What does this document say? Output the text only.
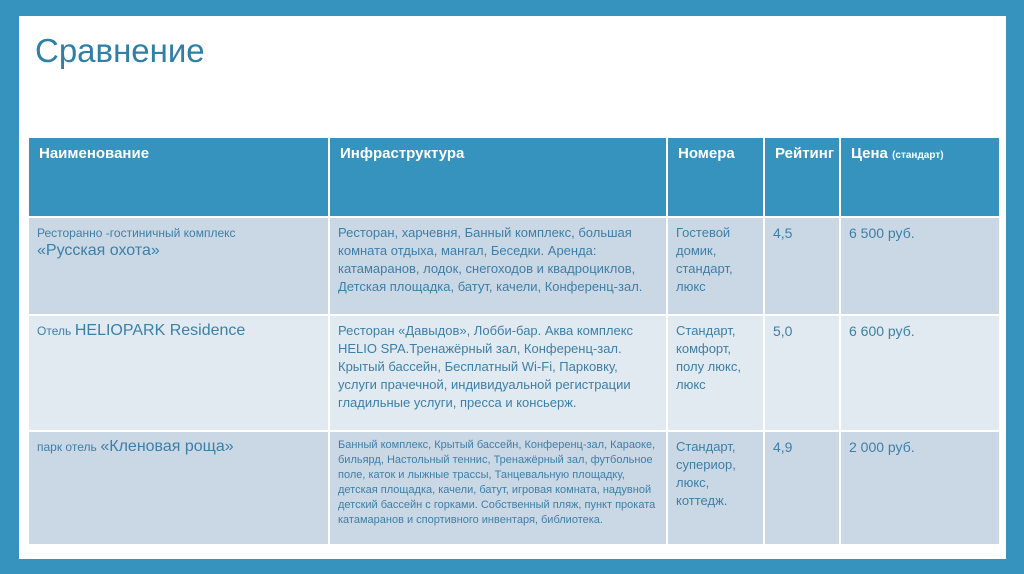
Сравнение
Наименование	Инфраструктура	Номера	Рейтинг	Цена (стандарт)

Ресторанно -гостиничный комплекс
«Русская охота»	Ресторан, харчевня, Банный комплекс, большая комната отдыха, мангал, Беседки. Аренда: катамаранов, лодок, снегоходов и квадроциклов, Детская площадка, батут, качели, Конференц-зал.	Гостевой домик, стандарт, люкс	4,5	6 500 руб.
Отель HELIOPARK Residence	Ресторан «Давыдов», Лобби-бар. Аква комплекс HELIO SPA.Тренажёрный зал, Конференц-зал. Крытый бассейн, Бесплатный Wi-Fi, Парковку, услуги прачечной, индивидуальной регистрации гладильные услуги, пресса и консьерж.	Стандарт, комфорт, полу люкс, люкс	5,0	6 600 руб.
парк отель «Кленовая роща»	Банный комплекс, Крытый бассейн, Конференц-зал, Караоке, бильярд, Настольный теннис, Тренажёрный зал, футбольное поле, каток и лыжные трассы, Танцевальную площадку, детская площадка, качели, батут, игровая комната, надувной детский бассейн с горками. Собственный пляж, пункт проката катамаранов и спортивного инвентаря, библиотека.	Стандарт, супериор, люкс, коттедж.	4,9	2 000 руб.
